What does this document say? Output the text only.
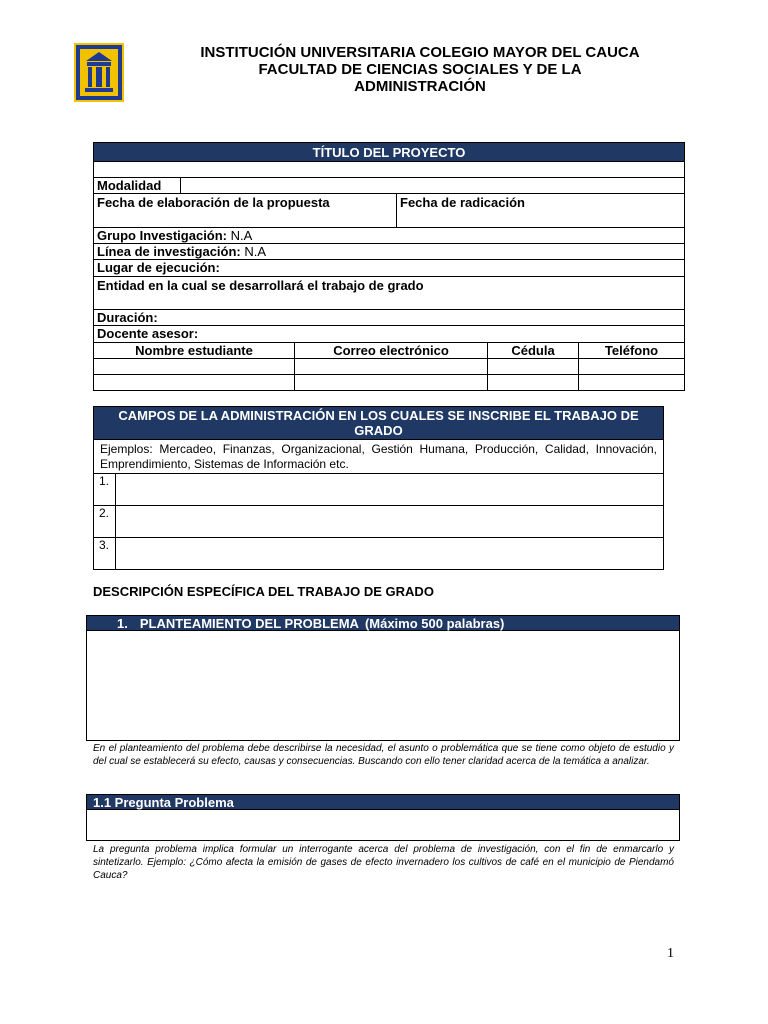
INSTITUCIÓN UNIVERSITARIA COLEGIO MAYOR DEL CAUCA
FACULTAD DE CIENCIAS SOCIALES Y DE LA
ADMINISTRACIÓN
TÍTULO DEL PROYECTO
Modalidad
Fecha de elaboración de la propuesta	Fecha de radicación
Grupo Investigación: N.A
Línea de investigación: N.A
Lugar de ejecución:
Entidad en la cual se desarrollará el trabajo de grado
Duración:
Docente asesor:
Nombre estudiante	Correo electrónico	Cédula	Teléfono
CAMPOS DE LA ADMINISTRACIÓN EN LOS CUALES SE INSCRIBE EL TRABAJO DE GRADO
Ejemplos: Mercadeo, Finanzas, Organizacional, Gestión Humana, Producción, Calidad, Innovación, Emprendimiento, Sistemas de Información etc.
1.
2.
3.
DESCRIPCIÓN ESPECÍFICA DEL TRABAJO DE GRADO
1. PLANTEAMIENTO DEL PROBLEMA (Máximo 500 palabras)
En el planteamiento del problema debe describirse la necesidad, el asunto o problemática que se tiene como objeto de estudio y del cual se establecerá su efecto, causas y consecuencias. Buscando con ello tener claridad acerca de la temática a analizar.
1.1 Pregunta Problema
La pregunta problema implica formular un interrogante acerca del problema de investigación, con el fin de enmarcarlo y sintetizarlo. Ejemplo: ¿Cómo afecta la emisión de gases de efecto invernadero los cultivos de café en el municipio de Piendamó Cauca?
1
